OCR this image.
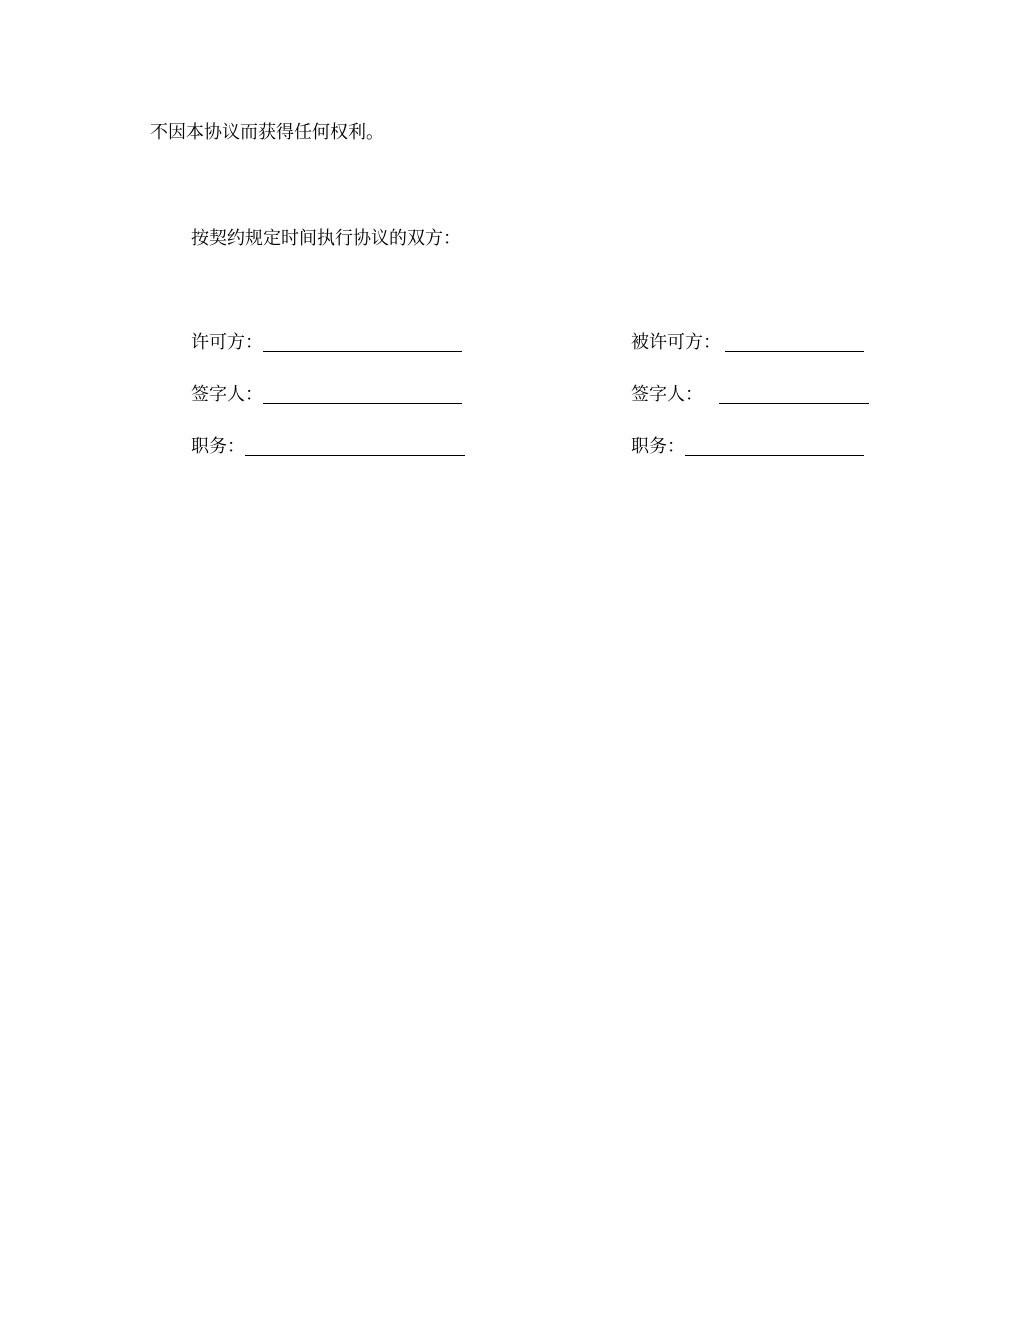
不因本协议而获得任何权利。
按契约规定时间执行协议的双方：
许可方：
签字人：
职务：
被许可方：
签字人：
职务：
